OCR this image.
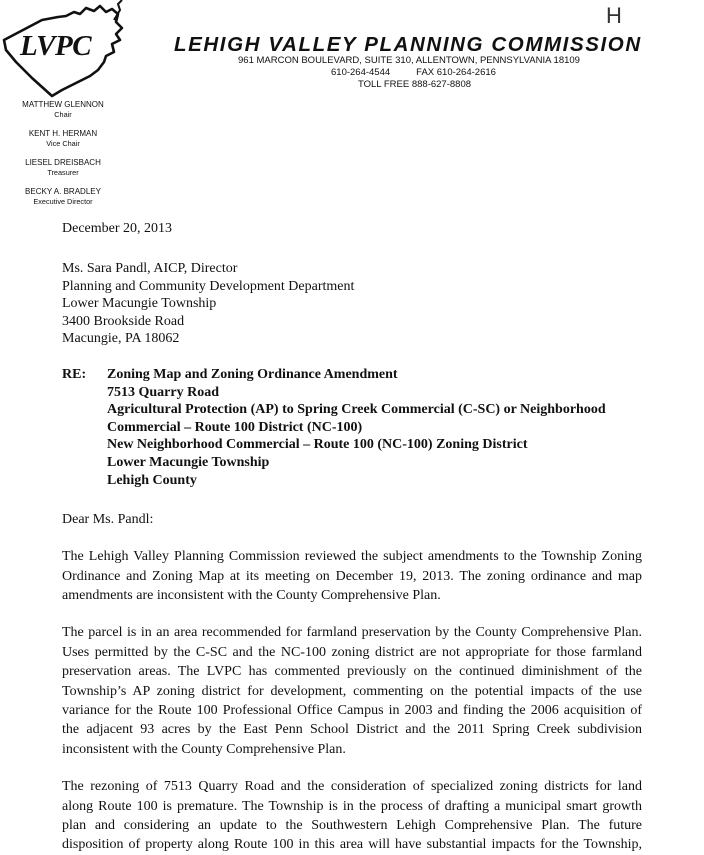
LVPC	LEHIGH VALLEY PLANNING COMMISSION
961 MARCON BOULEVARD, SUITE 310, ALLENTOWN, PENNSYLVANIA 18109
610-264-4544	FAX 610-264-2616
TOLL FREE 888-627-8808
H
MATTHEW GLENNON
Chair
KENT H. HERMAN
Vice Chair
LIESEL DREISBACH
Treasurer
BECKY A. BRADLEY
Executive Director
December 20, 2013
Ms. Sara Pandl, AICP, Director
Planning and Community Development Department
Lower Macungie Township
3400 Brookside Road
Macungie, PA 18062
RE:	Zoning Map and Zoning Ordinance Amendment
7513 Quarry Road
Agricultural Protection (AP) to Spring Creek Commercial (C-SC) or Neighborhood
Commercial – Route 100 District (NC-100)
New Neighborhood Commercial – Route 100 (NC-100) Zoning District
Lower Macungie Township
Lehigh County
Dear Ms. Pandl:
The Lehigh Valley Planning Commission reviewed the subject amendments to the Township Zoning
Ordinance and Zoning Map at its meeting on December 19, 2013. The zoning ordinance and map
amendments are inconsistent with the County Comprehensive Plan.
The parcel is in an area recommended for farmland preservation by the County Comprehensive Plan.
Uses permitted by the C-SC and the NC-100 zoning district are not appropriate for those farmland
preservation areas. The LVPC has commented previously on the continued diminishment of the
Township’s AP zoning district for development, commenting on the potential impacts of the use
variance for the Route 100 Professional Office Campus in 2003 and finding the 2006 acquisition of
the adjacent 93 acres by the East Penn School District and the 2011 Spring Creek subdivision
inconsistent with the County Comprehensive Plan.
The rezoning of 7513 Quarry Road and the consideration of specialized zoning districts for land
along Route 100 is premature. The Township is in the process of drafting a municipal smart growth
plan and considering an update to the Southwestern Lehigh Comprehensive Plan. The future
disposition of property along Route 100 in this area will have substantial impacts for the Township,
